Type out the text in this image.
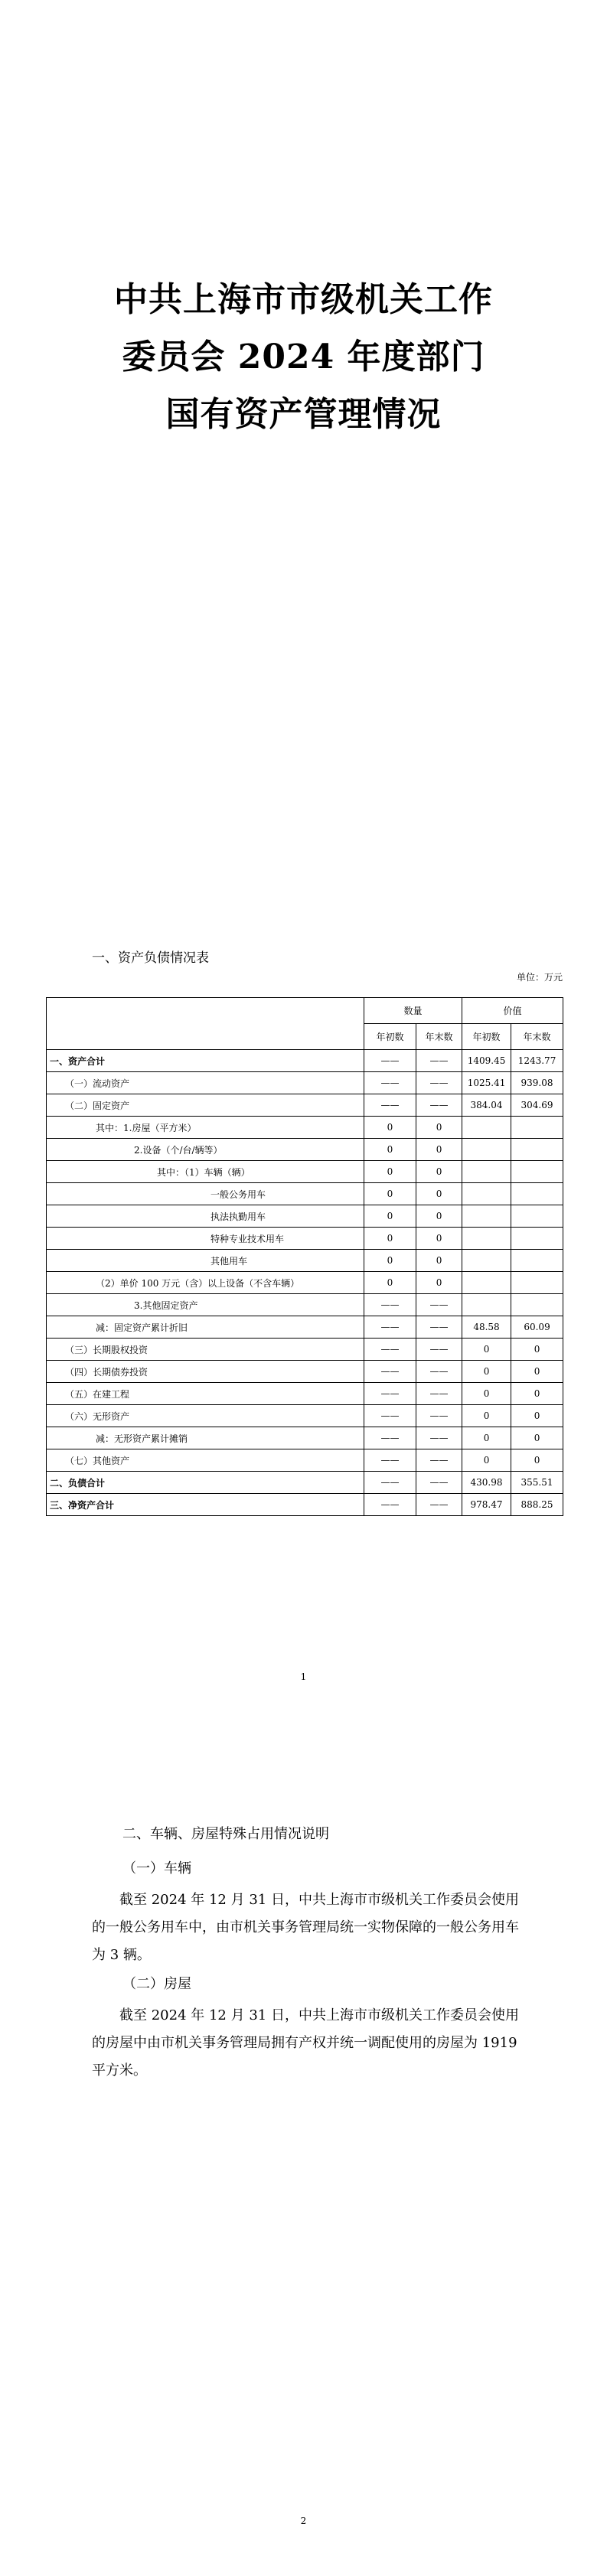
中共上海市市级机关工作
委员会 2024 年度部门
国有资产管理情况
一、资产负债情况表
单位：万元
	数量		价值	
	年初数	年末数	年初数	年末数
一、资产合计	——	——	1409.45	1243.77
（一）流动资产	——	——	1025.41	939.08
（二）固定资产	——	——	384.04	304.69
其中：1.房屋（平方米）	0	0		
2.设备（个/台/辆等）	0	0		
其中：（1）车辆（辆）	0	0		
一般公务用车	0	0		
执法执勤用车	0	0		
特种专业技术用车	0	0		
其他用车	0	0		
（2）单价 100 万元（含）以上设备（不含车辆）	0	0		
3.其他固定资产	——	——		
减：固定资产累计折旧	——	——	48.58	60.09
（三）长期股权投资	——	——	0	0
（四）长期债券投资	——	——	0	0
（五）在建工程	——	——	0	0
（六）无形资产	——	——	0	0
减：无形资产累计摊销	——	——	0	0
（七）其他资产	——	——	0	0
二、负债合计	——	——	430.98	355.51
三、净资产合计	——	——	978.47	888.25
1
二、车辆、房屋特殊占用情况说明
（一）车辆

截至 2024 年 12 月 31 日，中共上海市市级机关工作委员会使用的一般公务用车中，由市机关事务管理局统一实物保障的一般公务用车为 3 辆。

（二）房屋

截至 2024 年 12 月 31 日，中共上海市市级机关工作委员会使用的房屋中由市机关事务管理局拥有产权并统一调配使用的房屋为 1919 平方米。

2
